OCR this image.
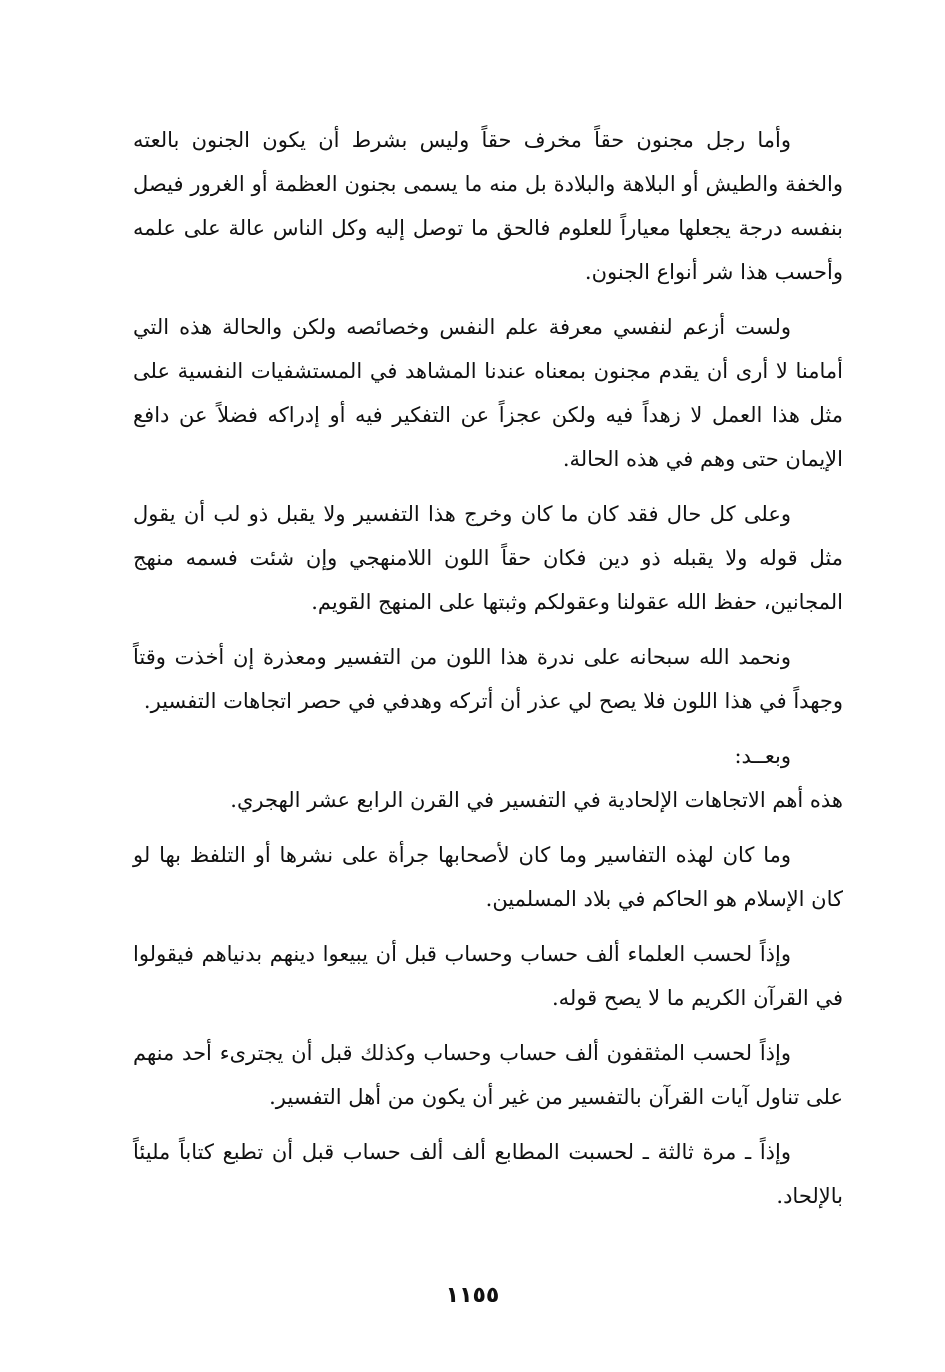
وأما رجل مجنون حقاً مخرف حقاً وليس بشرط أن يكون الجنون بالعته والخفة والطيش أو البلاهة والبلادة بل منه ما يسمى بجنون العظمة أو الغرور فيصل بنفسه درجة يجعلها معياراً للعلوم فالحق ما توصل إليه وكل الناس عالة على علمه وأحسب هذا شر أنواع الجنون.

ولست أزعم لنفسي معرفة علم النفس وخصائصه ولكن والحالة هذه التي أمامنا لا أرى أن يقدم مجنون بمعناه عندنا المشاهد في المستشفيات النفسية على مثل هذا العمل لا زهداً فيه ولكن عجزاً عن التفكير فيه أو إدراكه فضلاً عن دافع الإيمان حتى وهم في هذه الحالة.

وعلى كل حال فقد كان ما كان وخرج هذا التفسير ولا يقبل ذو لب أن يقول مثل قوله ولا يقبله ذو دين فكان حقاً اللون اللامنهجي وإن شئت فسمه منهج المجانين، حفظ الله عقولنا وعقولكم وثبتها على المنهج القويم.

ونحمد الله سبحانه على ندرة هذا اللون من التفسير ومعذرة إن أخذت وقتاً وجهداً في هذا اللون فلا يصح لي عذر أن أتركه وهدفي في حصر اتجاهات التفسير.

وبعــد:

هذه أهم الاتجاهات الإلحادية في التفسير في القرن الرابع عشر الهجري.

وما كان لهذه التفاسير وما كان لأصحابها جرأة على نشرها أو التلفظ بها لو كان الإسلام هو الحاكم في بلاد المسلمين.

وإذاً لحسب العلماء ألف حساب وحساب قبل أن يبيعوا دينهم بدنياهم فيقولوا في القرآن الكريم ما لا يصح قوله.

وإذاً لحسب المثقفون ألف حساب وحساب وكذلك قبل أن يجترىء أحد منهم على تناول آيات القرآن بالتفسير من غير أن يكون من أهل التفسير.

وإذاً ـ مرة ثالثة ـ لحسبت المطابع ألف ألف حساب قبل أن تطبع كتاباً مليئاً بالإلحاد.

١١٥٥
